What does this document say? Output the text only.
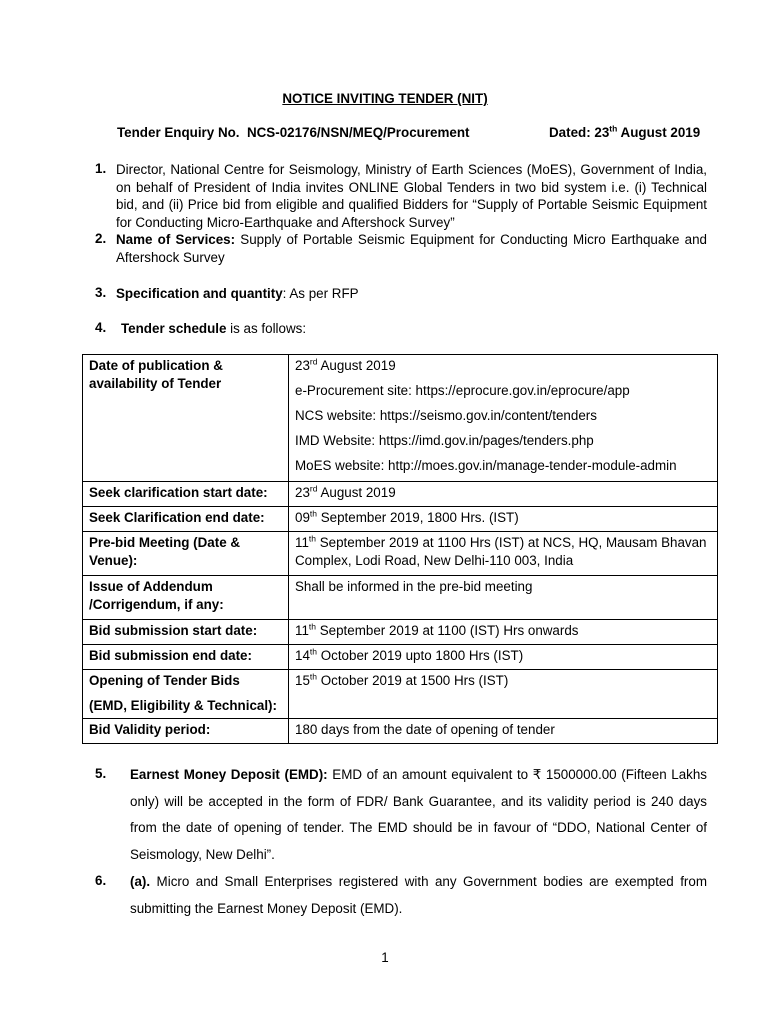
NOTICE INVITING TENDER (NIT)
Tender Enquiry No. NCS-02176/NSN/MEQ/Procurement	Dated: 23th August 2019
1. Director, National Centre for Seismology, Ministry of Earth Sciences (MoES), Government of India, on behalf of President of India invites ONLINE Global Tenders in two bid system i.e. (i) Technical bid, and (ii) Price bid from eligible and qualified Bidders for “Supply of Portable Seismic Equipment for Conducting Micro-Earthquake and Aftershock Survey”
2. Name of Services: Supply of Portable Seismic Equipment for Conducting Micro Earthquake and Aftershock Survey
3. Specification and quantity: As per RFP
4. Tender schedule is as follows:
Date of publication & availability of Tender	23rd August 2019
e-Procurement site: https://eprocure.gov.in/eprocure/app
NCS website: https://seismo.gov.in/content/tenders
IMD Website: https://imd.gov.in/pages/tenders.php
MoES website: http://moes.gov.in/manage-tender-module-admin

Seek clarification start date:	23rd August 2019
Seek Clarification end date:	09th September 2019, 1800 Hrs. (IST)
Pre-bid Meeting (Date & Venue):	11th September 2019 at 1100 Hrs (IST) at NCS, HQ, Mausam Bhavan Complex, Lodi Road, New Delhi-110 003, India
Issue of Addendum /Corrigendum, if any:	Shall be informed in the pre-bid meeting
Bid submission start date:	11th September 2019 at 1100 (IST) Hrs onwards
Bid submission end date:	14th October 2019 upto 1800 Hrs (IST)

Opening of Tender Bids
(EMD, Eligibility & Technical):	15th October 2019 at 1500 Hrs (IST)
Bid Validity period:	180 days from the date of opening of tender
5. Earnest Money Deposit (EMD): EMD of an amount equivalent to ₹ 1500000.00 (Fifteen Lakhs only) will be accepted in the form of FDR/ Bank Guarantee, and its validity period is 240 days from the date of opening of tender. The EMD should be in favour of “DDO, National Center of Seismology, New Delhi”.
6. (a). Micro and Small Enterprises registered with any Government bodies are exempted from submitting the Earnest Money Deposit (EMD).
1
